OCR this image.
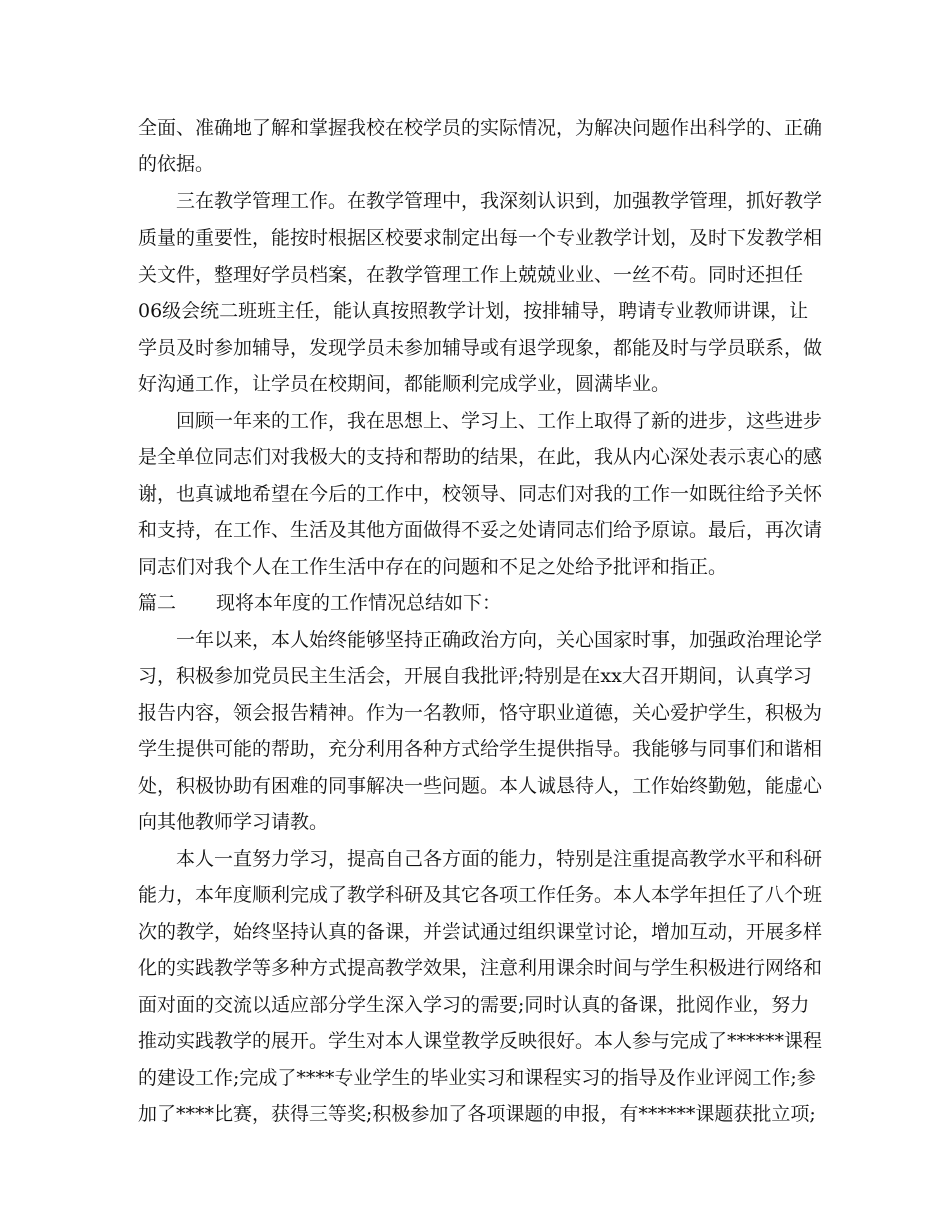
全面、准确地了解和掌握我校在校学员的实际情况，为解决问题作出科学的、正确
的依据。
　　三在教学管理工作。在教学管理中，我深刻认识到，加强教学管理，抓好教学
质量的重要性，能按时根据区校要求制定出每一个专业教学计划，及时下发教学相
关文件，整理好学员档案，在教学管理工作上兢兢业业、一丝不苟。同时还担任
06级会统二班班主任，能认真按照教学计划，按排辅导，聘请专业教师讲课，让
学员及时参加辅导，发现学员未参加辅导或有退学现象，都能及时与学员联系，做
好沟通工作，让学员在校期间，都能顺利完成学业，圆满毕业。
　　回顾一年来的工作，我在思想上、学习上、工作上取得了新的进步，这些进步
是全单位同志们对我极大的支持和帮助的结果，在此，我从内心深处表示衷心的感
谢，也真诚地希望在今后的工作中，校领导、同志们对我的工作一如既往给予关怀
和支持，在工作、生活及其他方面做得不妥之处请同志们给予原谅。最后，再次请
同志们对我个人在工作生活中存在的问题和不足之处给予批评和指正。
篇二 现将本年度的工作情况总结如下：
　　一年以来，本人始终能够坚持正确政治方向，关心国家时事，加强政治理论学
习，积极参加党员民主生活会，开展自我批评;特别是在xx大召开期间，认真学习
报告内容，领会报告精神。作为一名教师，恪守职业道德，关心爱护学生，积极为
学生提供可能的帮助，充分利用各种方式给学生提供指导。我能够与同事们和谐相
处，积极协助有困难的同事解决一些问题。本人诚恳待人，工作始终勤勉，能虚心
向其他教师学习请教。
　　本人一直努力学习，提高自己各方面的能力，特别是注重提高教学水平和科研
能力，本年度顺利完成了教学科研及其它各项工作任务。本人本学年担任了八个班
次的教学，始终坚持认真的备课，并尝试通过组织课堂讨论，增加互动，开展多样
化的实践教学等多种方式提高教学效果，注意利用课余时间与学生积极进行网络和
面对面的交流以适应部分学生深入学习的需要;同时认真的备课，批阅作业，努力
推动实践教学的展开。学生对本人课堂教学反映很好。本人参与完成了******课程
的建设工作;完成了****专业学生的毕业实习和课程实习的指导及作业评阅工作;参
加了****比赛，获得三等奖;积极参加了各项课题的申报，有******课题获批立项;
